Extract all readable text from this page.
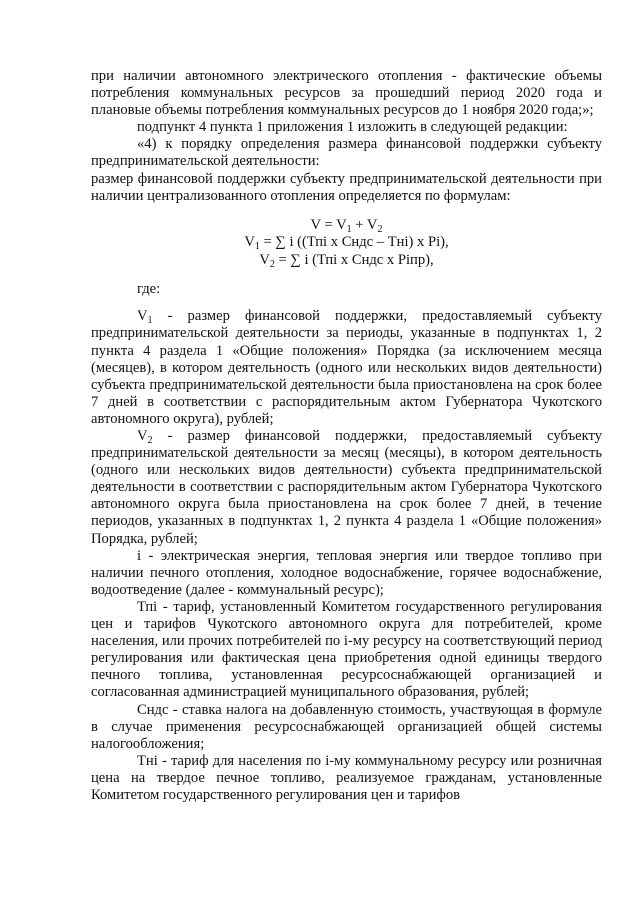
при наличии автономного электрического отопления - фактические объемы потребления коммунальных ресурсов за прошедший период 2020 года и плановые объемы потребления коммунальных ресурсов до 1 ноября 2020 года;»;

подпункт 4 пункта 1 приложения 1 изложить в следующей редакции:

«4) к порядку определения размера финансовой поддержки субъекту предпринимательской деятельности:

размер финансовой поддержки субъекту предпринимательской деятельности при наличии централизованного отопления определяется по формулам:

$V = V_1 + V_2$
$V_1$ = ∑ i ((Тпi x Cндс – Тнi) x Pi),
$V_2$ = ∑ i (Тпi x Cндс x Piпр),

где:

$V_1$ - размер финансовой поддержки, предоставляемый субъекту предпринимательской деятельности за периоды, указанные в подпунктах 1, 2 пункта 4 раздела 1 «Общие положения» Порядка (за исключением месяца (месяцев), в котором деятельность (одного или нескольких видов деятельности) субъекта предпринимательской деятельности была приостановлена на срок более 7 дней в соответствии с распорядительным актом Губернатора Чукотского автономного округа), рублей;

$V_2$ - размер финансовой поддержки, предоставляемый субъекту предпринимательской деятельности за месяц (месяцы), в котором деятельность (одного или нескольких видов деятельности) субъекта предпринимательской деятельности в соответствии с распорядительным актом Губернатора Чукотского автономного округа была приостановлена на срок более 7 дней, в течение периодов, указанных в подпунктах 1, 2 пункта 4 раздела 1 «Общие положения» Порядка, рублей;

i - электрическая энергия, тепловая энергия или твердое топливо при наличии печного отопления, холодное водоснабжение, горячее водоснабжение, водоотведение (далее - коммунальный ресурс);

Тпi - тариф, установленный Комитетом государственного регулирования цен и тарифов Чукотского автономного округа для потребителей, кроме населения, или прочих потребителей по i-му ресурсу на соответствующий период регулирования или фактическая цена приобретения одной единицы твердого печного топлива, установленная ресурсоснабжающей организацией и согласованная администрацией муниципального образования, рублей;

Cндс - ставка налога на добавленную стоимость, участвующая в формуле в случае применения ресурсоснабжающей организацией общей системы налогообложения;

Тнi - тариф для населения по i-му коммунальному ресурсу или розничная цена на твердое печное топливо, реализуемое гражданам, установленные Комитетом государственного регулирования цен и тарифов
